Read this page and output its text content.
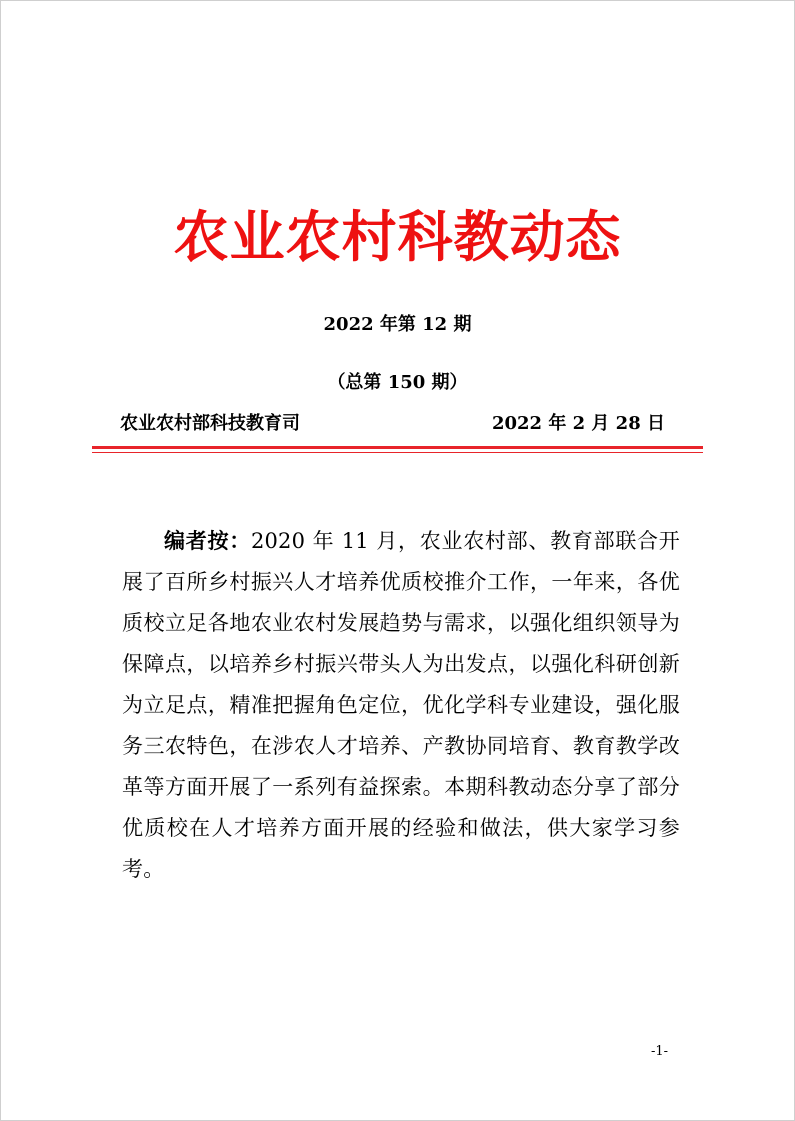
农业农村科教动态
2022 年第 12 期
（总第 150 期）
农业农村部科技教育司	2022 年 2 月 28 日

编者按：2020 年 11 月，农业农村部、教育部联合开展了百所乡村振兴人才培养优质校推介工作，一年来，各优质校立足各地农业农村发展趋势与需求，以强化组织领导为保障点，以培养乡村振兴带头人为出发点，以强化科研创新为立足点，精准把握角色定位，优化学科专业建设，强化服务三农特色，在涉农人才培养、产教协同培育、教育教学改革等方面开展了一系列有益探索。本期科教动态分享了部分优质校在人才培养方面开展的经验和做法，供大家学习参考。

-1-
